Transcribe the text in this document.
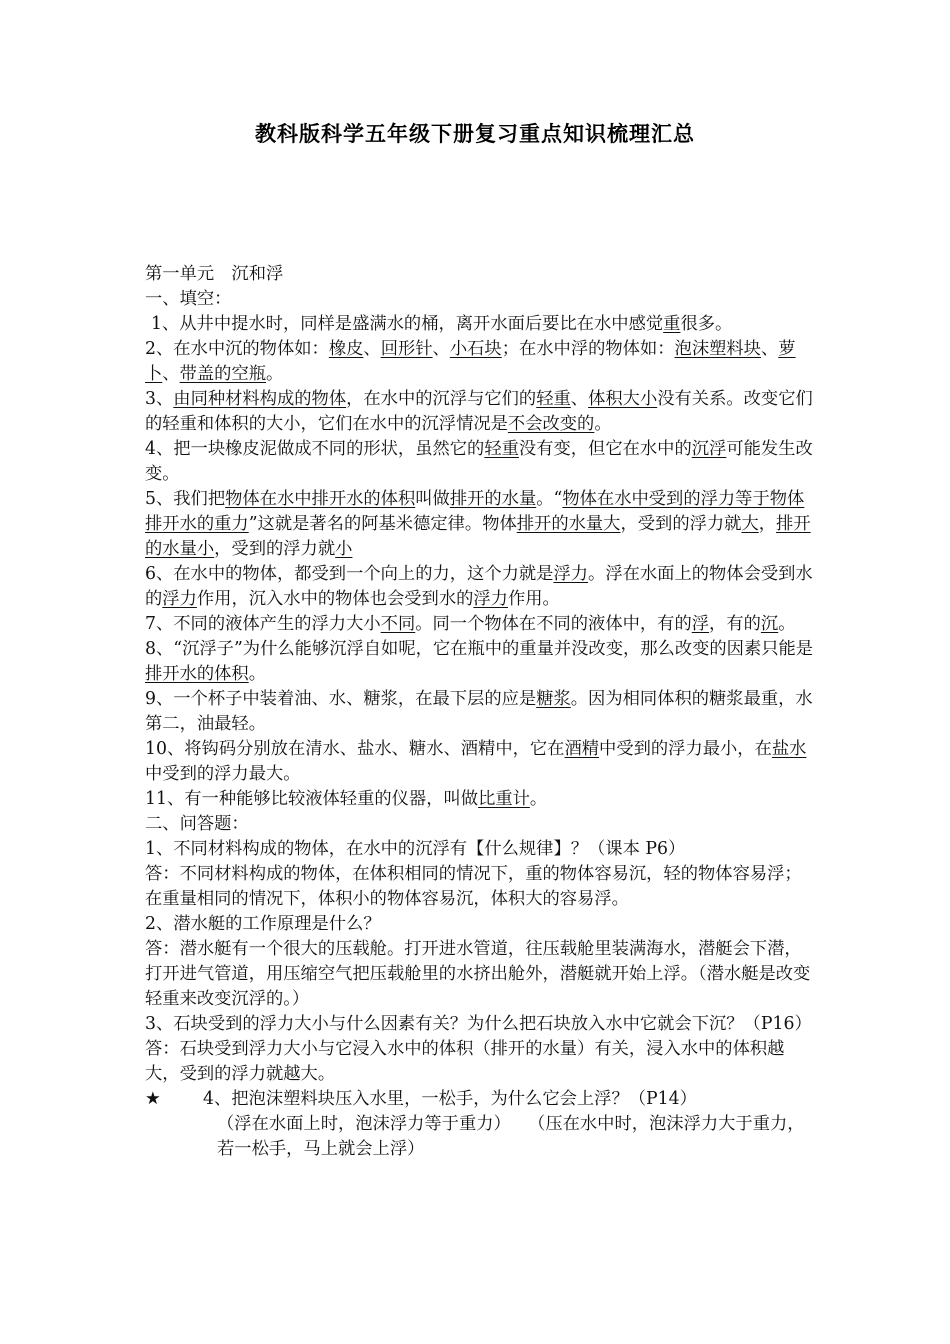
教科版科学五年级下册复习重点知识梳理汇总

第一单元　沉和浮

一、填空：

1、从井中提水时，同样是盛满水的桶，离开水面后要比在水中感觉重很多。

2、在水中沉的物体如：橡皮、回形针、小石块；在水中浮的物体如：泡沫塑料块、萝卜、带盖的空瓶。

3、由同种材料构成的物体，在水中的沉浮与它们的轻重、体积大小没有关系。改变它们的轻重和体积的大小，它们在水中的沉浮情况是不会改变的。

4、把一块橡皮泥做成不同的形状，虽然它的轻重没有变，但它在水中的沉浮可能发生改变。

5、我们把物体在水中排开水的体积叫做排开的水量。“物体在水中受到的浮力等于物体排开水的重力”这就是著名的阿基米德定律。物体排开的水量大，受到的浮力就大，排开的水量小，受到的浮力就小

6、在水中的物体，都受到一个向上的力，这个力就是浮力。浮在水面上的物体会受到水的浮力作用，沉入水中的物体也会受到水的浮力作用。

7、不同的液体产生的浮力大小不同。同一个物体在不同的液体中，有的浮，有的沉。

8、“沉浮子”为什么能够沉浮自如呢，它在瓶中的重量并没改变，那么改变的因素只能是排开水的体积。

9、一个杯子中装着油、水、糖浆，在最下层的应是糖浆。因为相同体积的糖浆最重，水第二，油最轻。

10、将钩码分别放在清水、盐水、糖水、酒精中，它在酒精中受到的浮力最小，在盐水中受到的浮力最大。

11、有一种能够比较液体轻重的仪器，叫做比重计。

二、问答题：

1、不同材料构成的物体，在水中的沉浮有【什么规律】？（课本 P6）

答：不同材料构成的物体，在体积相同的情况下，重的物体容易沉，轻的物体容易浮；在重量相同的情况下，体积小的物体容易沉，体积大的容易浮。

2、潜水艇的工作原理是什么？

答：潜水艇有一个很大的压载舱。打开进水管道，往压载舱里装满海水，潜艇会下潜，打开进气管道，用压缩空气把压载舱里的水挤出舱外，潜艇就开始上浮。（潜水艇是改变轻重来改变沉浮的。）

3、石块受到的浮力大小与什么因素有关？为什么把石块放入水中它就会下沉？（P16）

答：石块受到浮力大小与它浸入水中的体积（排开的水量）有关，浸入水中的体积越大，受到的浮力就越大。

★ 4、把泡沫塑料块压入水里，一松手，为什么它会上浮？（P14）

（浮在水面上时，泡沫浮力等于重力）　　（压在水中时，泡沫浮力大于重力，若一松手，马上就会上浮）
